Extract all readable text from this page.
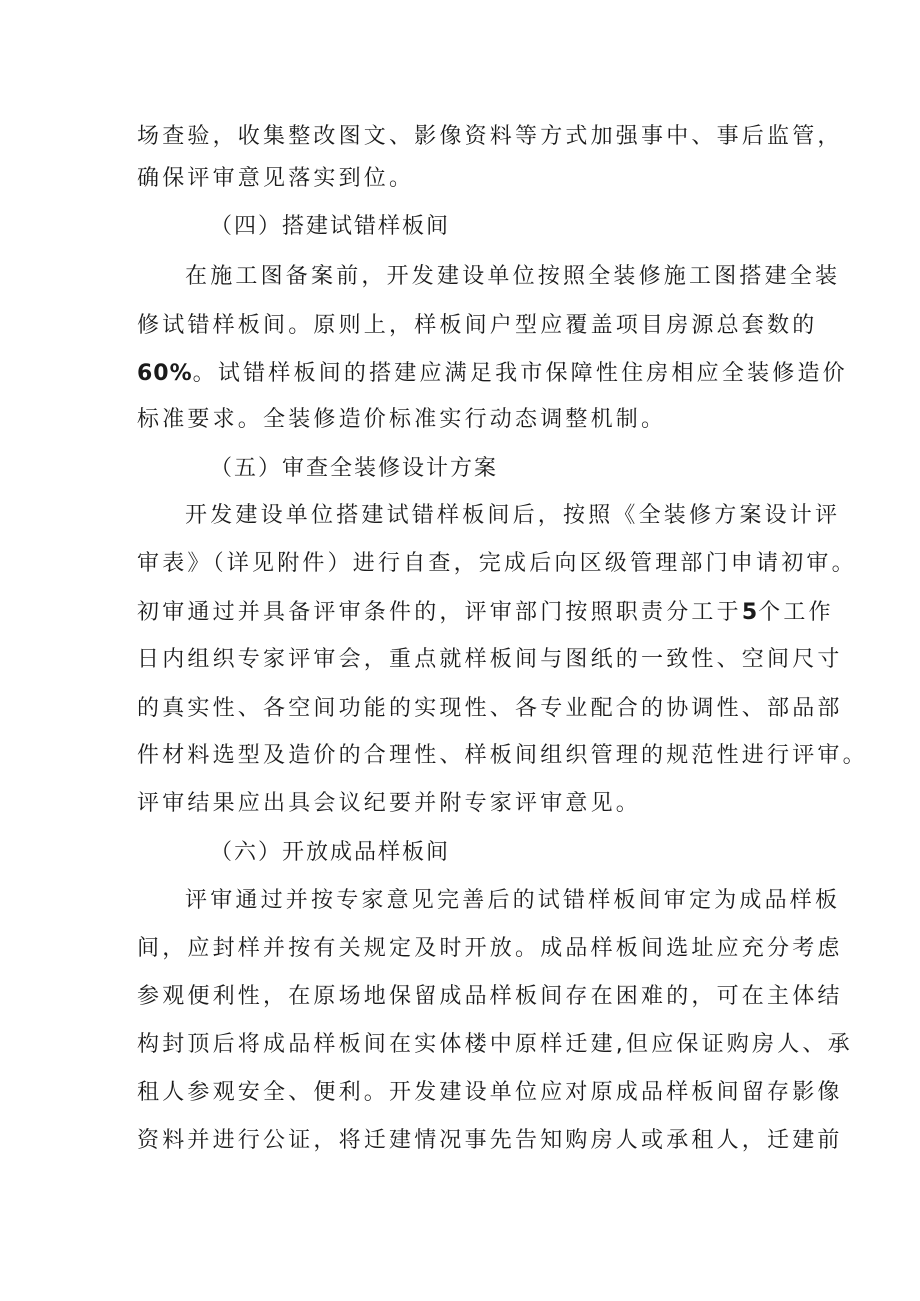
场查验，收集整改图文、影像资料等方式加强事中、事后监管，
确保评审意见落实到位。
（四）搭建试错样板间
在施工图备案前，开发建设单位按照全装修施工图搭建全装
修试错样板间。原则上，样板间户型应覆盖项目房源总套数的
60%。试错样板间的搭建应满足我市保障性住房相应全装修造价
标准要求。全装修造价标准实行动态调整机制。
（五）审查全装修设计方案
开发建设单位搭建试错样板间后，按照《全装修方案设计评
审表》（详见附件）进行自查，完成后向区级管理部门申请初审。
初审通过并具备评审条件的，评审部门按照职责分工于5个工作
日内组织专家评审会，重点就样板间与图纸的一致性、空间尺寸
的真实性、各空间功能的实现性、各专业配合的协调性、部品部
件材料选型及造价的合理性、样板间组织管理的规范性进行评审。
评审结果应出具会议纪要并附专家评审意见。
（六）开放成品样板间
评审通过并按专家意见完善后的试错样板间审定为成品样板
间，应封样并按有关规定及时开放。成品样板间选址应充分考虑
参观便利性，在原场地保留成品样板间存在困难的，可在主体结
构封顶后将成品样板间在实体楼中原样迁建,但应保证购房人、承
租人参观安全、便利。开发建设单位应对原成品样板间留存影像
资料并进行公证，将迁建情况事先告知购房人或承租人，迁建前
